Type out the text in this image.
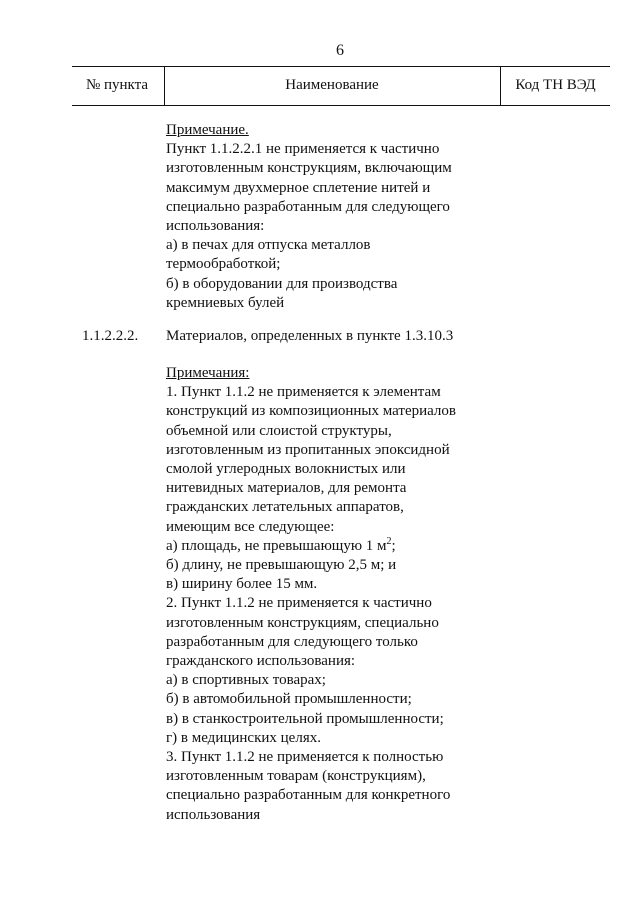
6
№ пункта	Наименование	Код ТН ВЭД
Примечание.
Пункт 1.1.2.2.1 не применяется к частично
изготовленным конструкциям, включающим
максимум двухмерное сплетение нитей и
специально разработанным для следующего
использования:
а) в печах для отпуска металлов
термообработкой;
б) в оборудовании для производства
кремниевых булей
1.1.2.2.2. Материалов, определенных в пункте 1.3.10.3
Примечания:
1. Пункт 1.1.2 не применяется к элементам
конструкций из композиционных материалов
объемной или слоистой структуры,
изготовленным из пропитанных эпоксидной
смолой углеродных волокнистых или
нитевидных материалов, для ремонта
гражданских летательных аппаратов,
имеющим все следующее:
а) площадь, не превышающую 1 $м^2$;
б) длину, не превышающую 2,5 м; и
в) ширину более 15 мм.
2. Пункт 1.1.2 не применяется к частично
изготовленным конструкциям, специально
разработанным для следующего только
гражданского использования:
а) в спортивных товарах;
б) в автомобильной промышленности;
в) в станкостроительной промышленности;
г) в медицинских целях.
3. Пункт 1.1.2 не применяется к полностью
изготовленным товарам (конструкциям),
специально разработанным для конкретного
использования
